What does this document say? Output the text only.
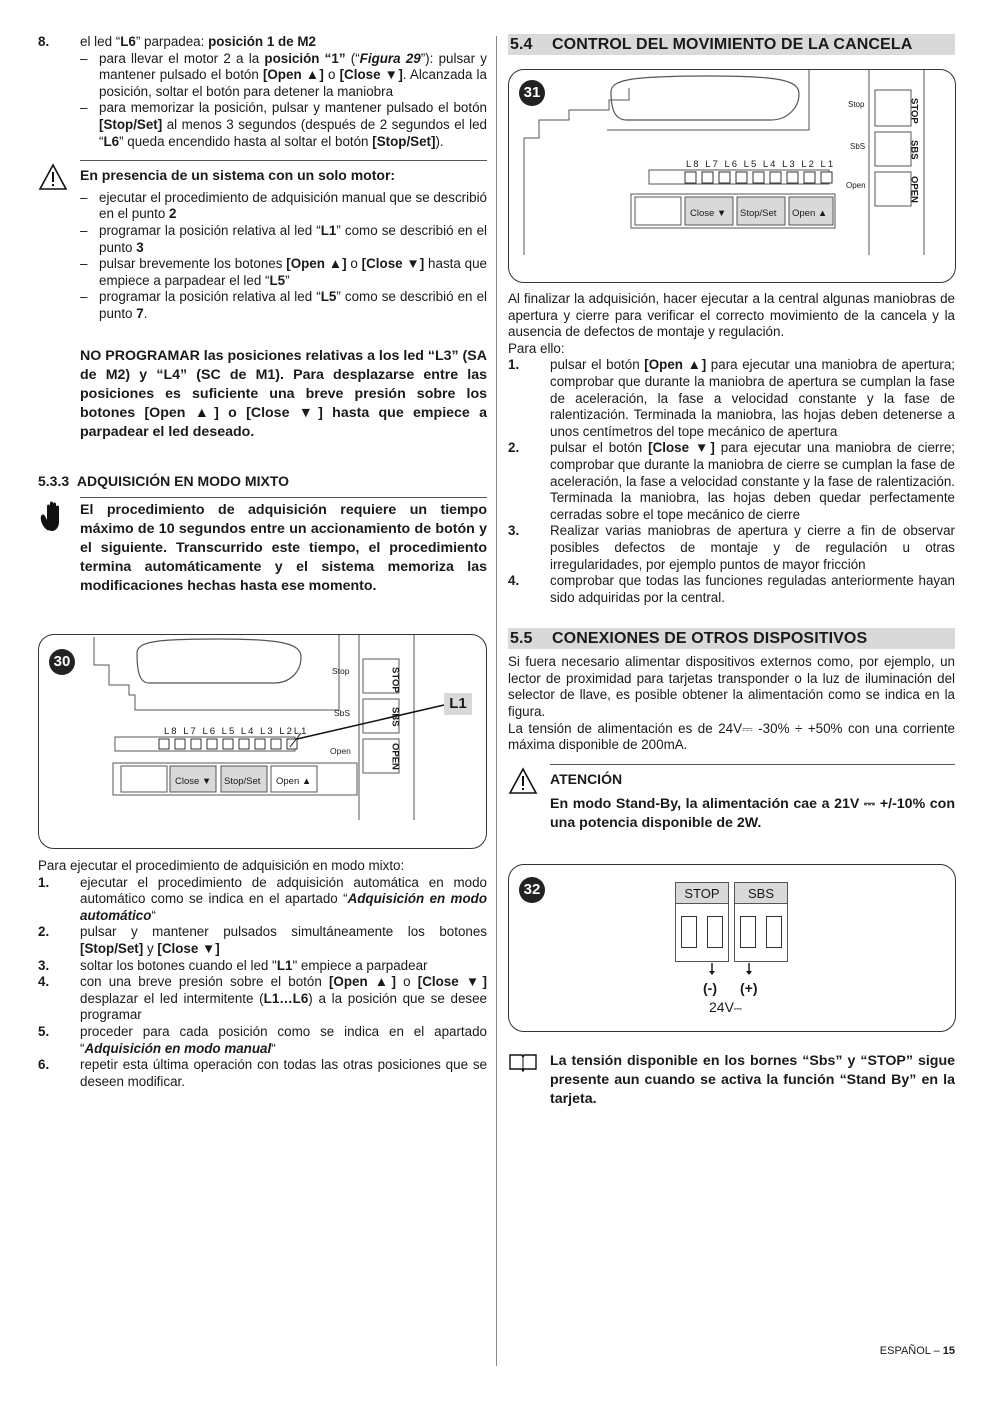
8.	el led “L6” parpadea: posición 1 de M2
– para llevar el motor 2 a la posición “1” (“Figura 29”): pulsar y mantener pulsado el botón [Open ▲] o [Close ▼]. Alcanzada la posición, soltar el botón para detener la maniobra
– para memorizar la posición, pulsar y mantener pulsado el botón [Stop/Set] al menos 3 segundos (después de 2 segundos el led “L6” queda encendido hasta al soltar el botón [Stop/Set]).

En presencia de un sistema con un solo motor:

– ejecutar el procedimiento de adquisición manual que se describió en el punto 2
– programar la posición relativa al led “L1” como se describió en el punto 3
– pulsar brevemente los botones [Open ▲] o [Close ▼] hasta que empiece a parpadear el led “L5”
– programar la posición relativa al led “L5” como se describió en el punto 7.

NO PROGRAMAR las posiciones relativas a los led “L3” (SA de M2) y “L4” (SC de M1). Para desplazarse entre las posiciones es suficiente una breve presión sobre los botones [Open ▲] o [Close ▼] hasta que empiece a parpadear el led deseado.

5.3.3 ADQUISICIÓN EN MODO MIXTO

El procedimiento de adquisición requiere un tiempo máximo de 10 segundos entre un accionamiento de botón y el siguiente. Transcurrido este tiempo, el procedimiento termina automáticamente y el sistema memoriza las modificaciones hechas hasta ese momento.

30
L8 L7 L6 L5 L4 L3 L2L1
Close ▼ Stop/Set Open ▲
Stop
SbS
Open
STOP
SBS
OPEN
L1

Para ejecutar el procedimiento de adquisición en modo mixto:

1.	ejecutar el procedimiento de adquisición automática en modo automático como se indica en el apartado “Adquisición en modo automático“
2.	pulsar y mantener pulsados simultáneamente los botones [Stop/Set] y [Close ▼]
3.	soltar los botones cuando el led "L1" empiece a parpadear
4.	con una breve presión sobre el botón [Open ▲] o [Close ▼] desplazar el led intermitente (L1…L6) a la posición que se desee programar
5.	proceder para cada posición como se indica en el apartado “Adquisición en modo manual“
6.	repetir esta última operación con todas las otras posiciones que se deseen modificar.
5.4 CONTROL DEL MOVIMIENTO DE LA CANCELA
31
L8 L7 L6 L5 L4 L3 L2 L1
Close ▼ Stop/Set Open ▲
Stop
SbS
Open
STOP
SBS
OPEN

Al finalizar la adquisición, hacer ejecutar a la central algunas maniobras de apertura y cierre para verificar el correcto movimiento de la cancela y la ausencia de defectos de montaje y regulación.

Para ello:

1.	pulsar el botón [Open ▲] para ejecutar una maniobra de apertura; comprobar que durante la maniobra de apertura se cumplan la fase de aceleración, la fase a velocidad constante y la fase de ralentización. Terminada la maniobra, las hojas deben detenerse a unos centímetros del tope mecánico de apertura
2.	pulsar el botón [Close ▼] para ejecutar una maniobra de cierre; comprobar que durante la maniobra de cierre se cumplan la fase de aceleración, la fase a velocidad constante y la fase de ralentización. Terminada la maniobra, las hojas deben quedar perfectamente cerradas sobre el tope mecánico de cierre
3.	Realizar varias maniobras de apertura y cierre a fin de observar posibles defectos de montaje y de regulación u otras irregularidades, por ejemplo puntos de mayor fricción
4.	comprobar que todas las funciones reguladas anteriormente hayan sido adquiridas por la central.
5.5 CONEXIONES DE OTROS DISPOSITIVOS

Si fuera necesario alimentar dispositivos externos como, por ejemplo, un lector de proximidad para tarjetas transponder o la luz de iluminación del selector de llave, es posible obtener la alimentación como se indica en la figura.

La tensión de alimentación es de 24V⎓ -30% ÷ +50% con una corriente máxima disponible de 200mA.

ATENCIÓN

En modo Stand-By, la alimentación cae a 21V ⎓ +/-10% con una potencia disponible de 2W.

32	STOP	SBS
(-) (+)
24V⎓

La tensión disponible en los bornes “Sbs” y “STOP” sigue presente aun cuando se activa la función “Stand By” en la tarjeta.

ESPAÑOL – 15
